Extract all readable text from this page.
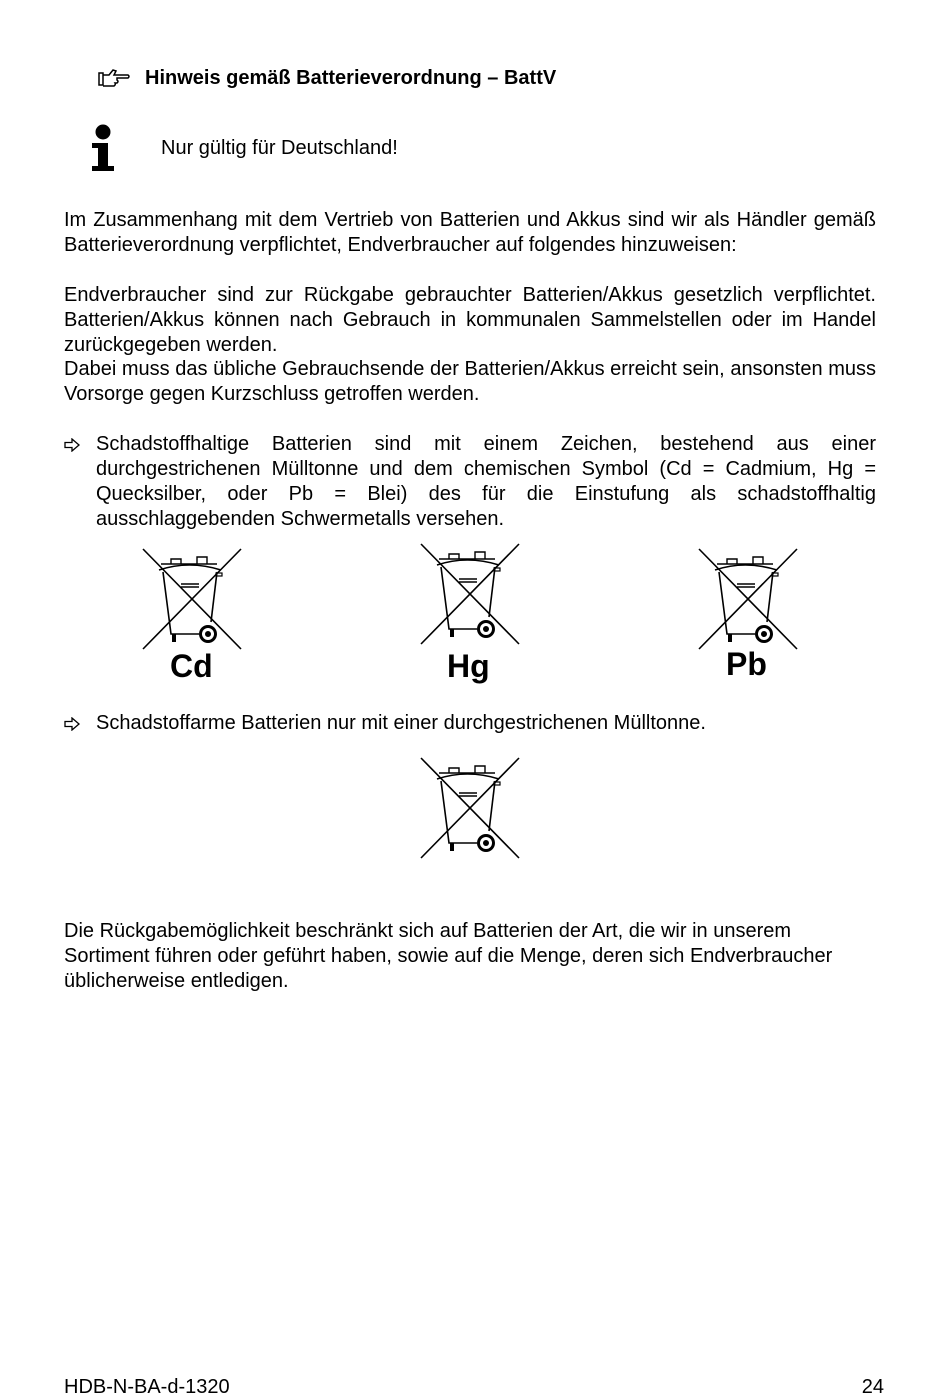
Hinweis gemäß Batterieverordnung – BattV
Nur gültig für Deutschland!

Im Zusammenhang mit dem Vertrieb von Batterien und Akkus sind wir als Händler gemäß Batterieverordnung verpflichtet, Endverbraucher auf folgendes hinzuweisen:

Endverbraucher sind zur Rückgabe gebrauchter Batterien/Akkus gesetzlich verpflichtet. Batterien/Akkus können nach Gebrauch in kommunalen Sammelstellen oder im Handel zurückgegeben werden.

Dabei muss das übliche Gebrauchsende der Batterien/Akkus erreicht sein, ansonsten muss Vorsorge gegen Kurzschluss getroffen werden.

Schadstoffhaltige Batterien sind mit einem Zeichen, bestehend aus einer durchgestrichenen Mülltonne und dem chemischen Symbol (Cd = Cadmium, Hg = Quecksilber, oder Pb = Blei) des für die Einstufung als schadstoffhaltig ausschlaggebenden Schwermetalls versehen.
Cd	Hg	Pb
Schadstoffarme Batterien nur mit einer durchgestrichenen Mülltonne.

Die Rückgabemöglichkeit beschränkt sich auf Batterien der Art, die wir in unserem Sortiment führen oder geführt haben, sowie auf die Menge, deren sich Endverbraucher üblicherweise entledigen.

HDB-N-BA-d-1320	24
